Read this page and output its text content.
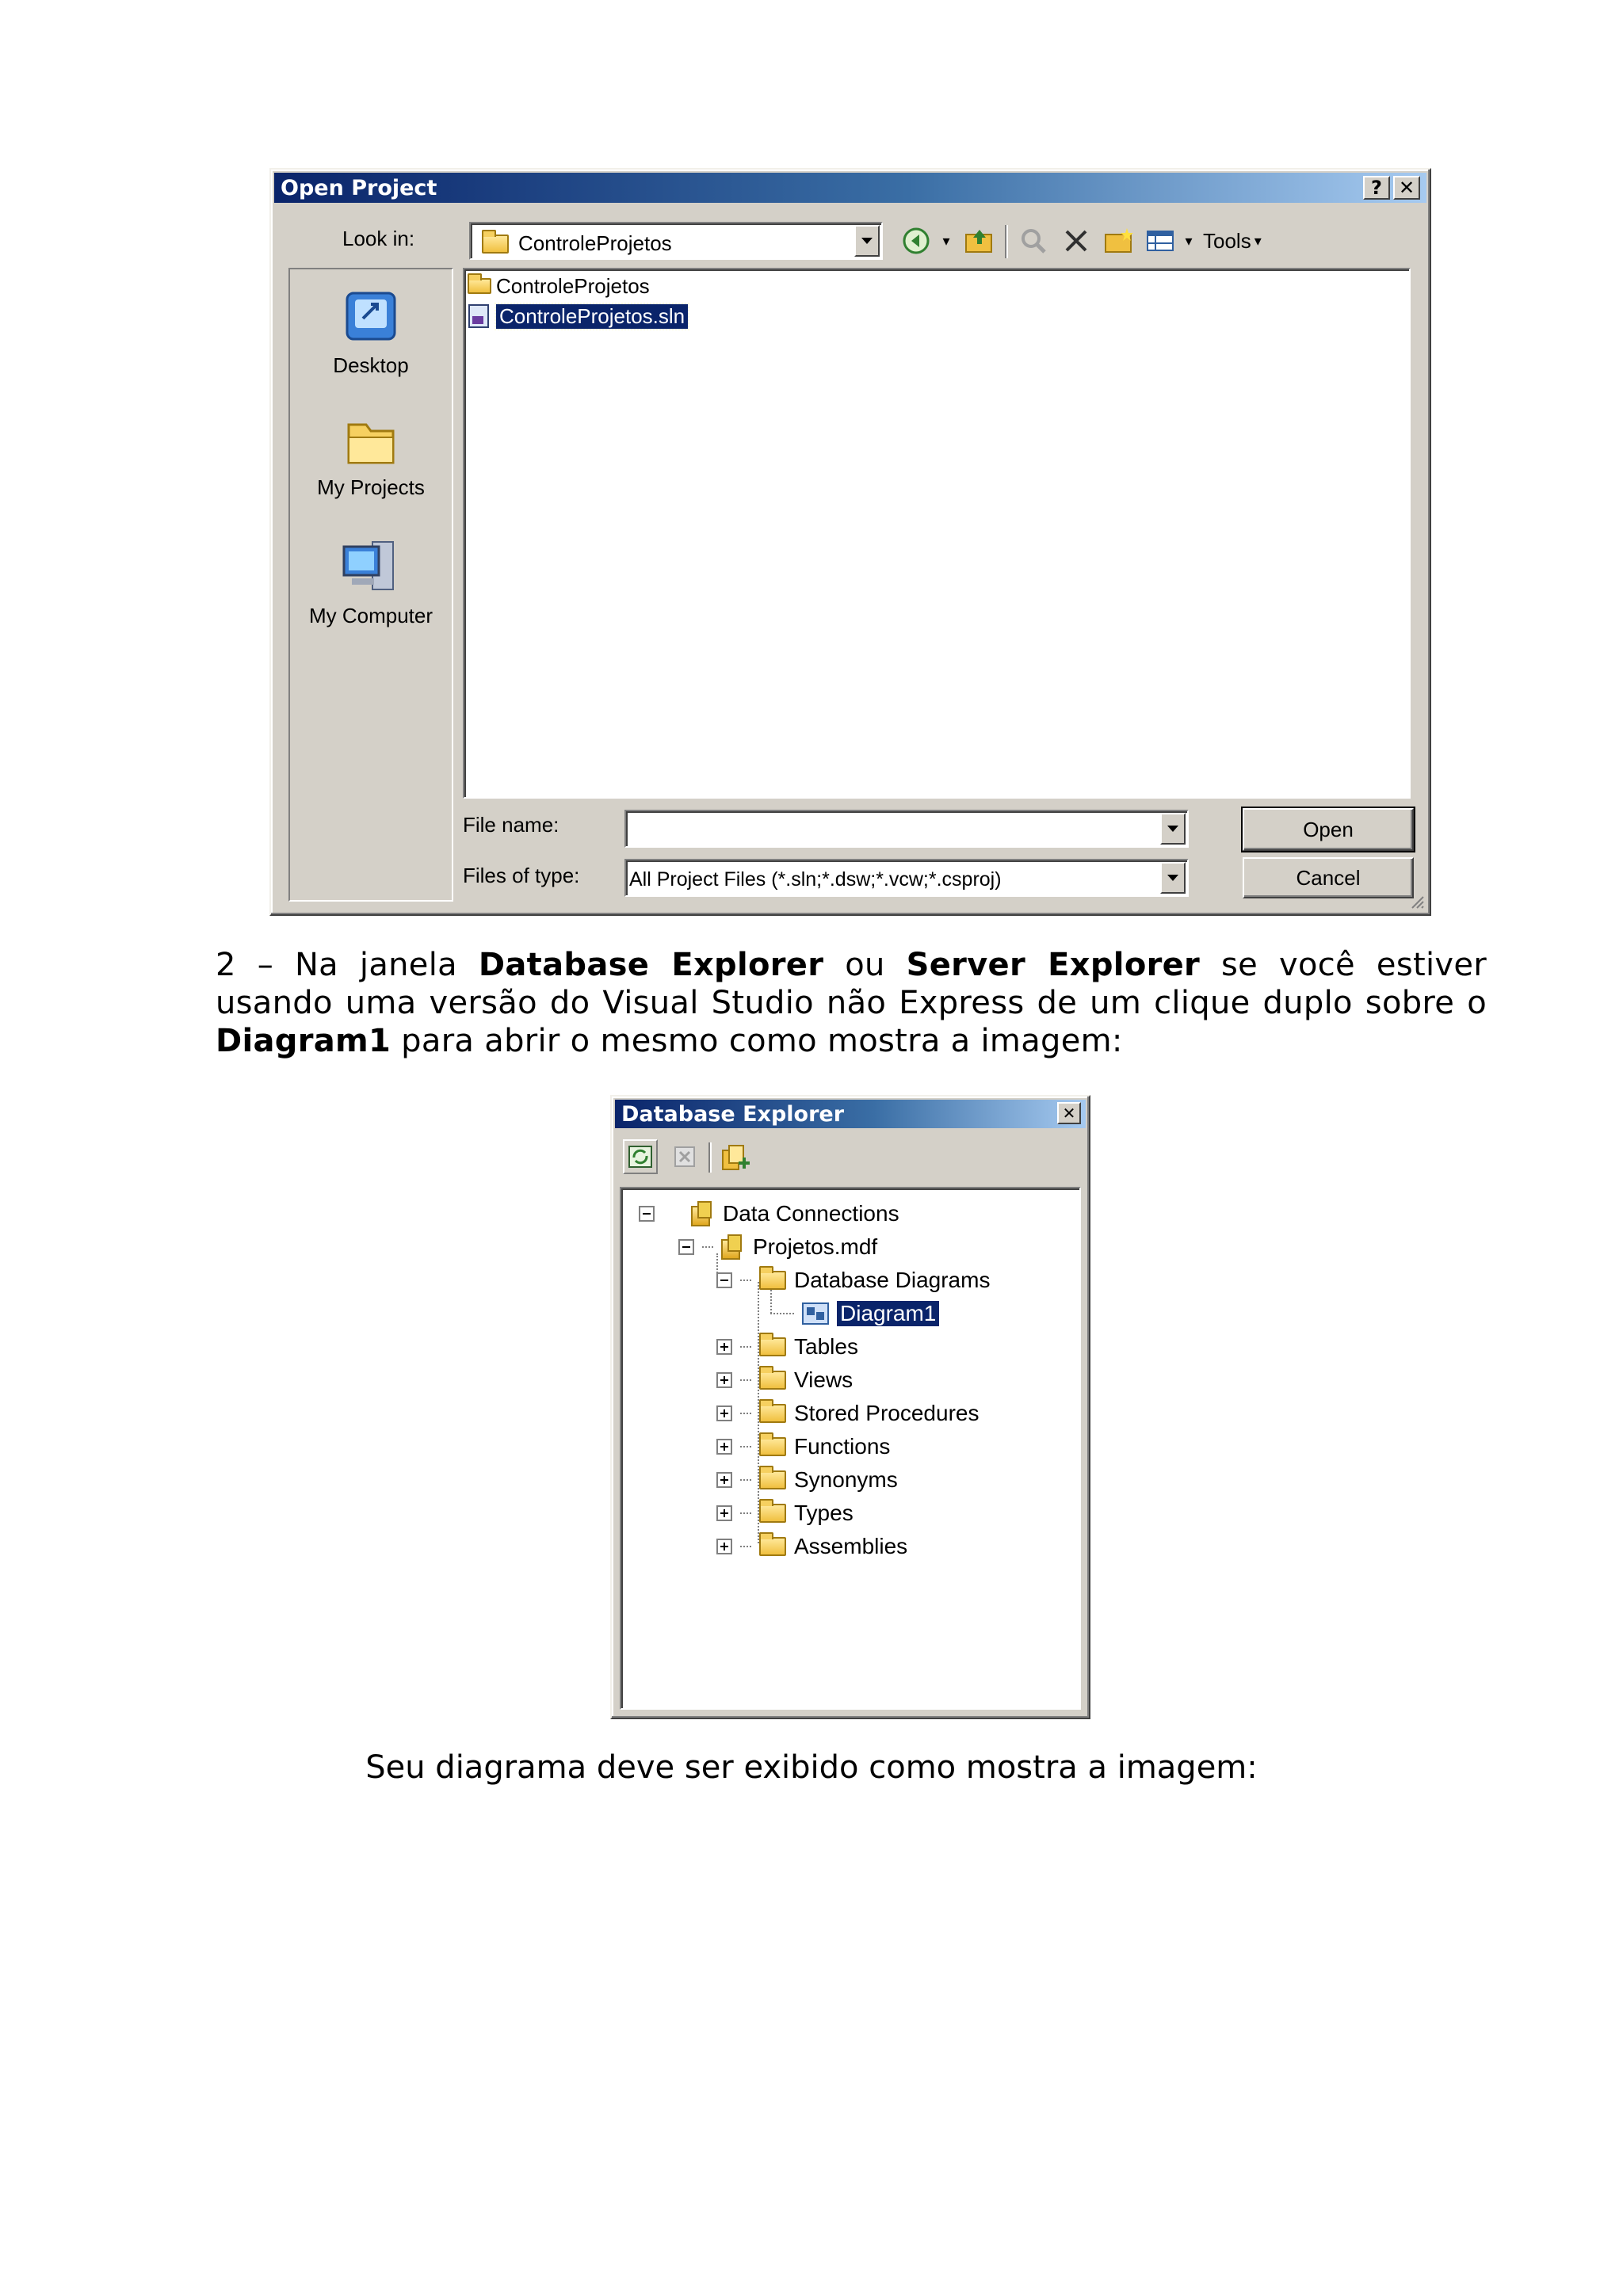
Open Project	? ✕
Look in:	ControleProjetos	▾	▾ Tools ▾
Desktop
My Projects
My Computer
ControleProjetos
ControleProjetos.sln
File name:	Open
Files of type:	All Project Files (*.sln;*.dsw;*.vcw;*.csproj)	Cancel

2 – Na janela Database Explorer ou Server Explorer se você estiver usando uma versão do Visual Studio não Express de um clique duplo sobre o Diagram1 para abrir o mesmo como mostra a imagem:

Database Explorer	✕
Data Connections
Projetos.mdf
Database Diagrams
Diagram1
Tables
Views
Stored Procedures
Functions
Synonyms
Types
Assemblies
Seu diagrama deve ser exibido como mostra a imagem:
